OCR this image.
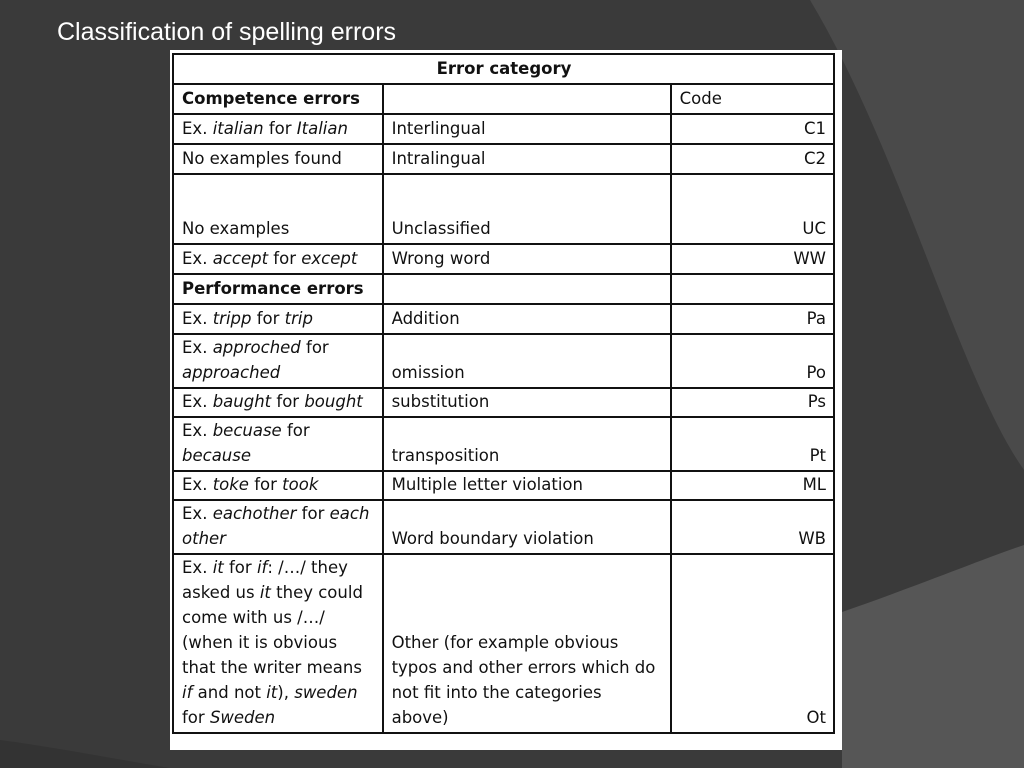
Classification of spelling errors
Error category		
Competence errors		Code
Ex. italian for Italian	Interlingual	C1
No examples found	Intralingual	C2
No examples	Unclassified	UC
Ex. accept for except	Wrong word	WW
Performance errors		
Ex. tripp for trip	Addition	Pa
Ex. approched for approached	omission	Po
Ex. baught for bought	substitution	Ps
Ex. becuase for because	transposition	Pt
Ex. toke for took	Multiple letter violation	ML
Ex. eachother for each other	Word boundary violation	WB
Ex. it for if: /…/ they asked us it they could come with us /…/ (when it is obvious that the writer means if and not it), sweden for Sweden	Other (for example obvious typos and other errors which do not fit into the categories above)	Ot
